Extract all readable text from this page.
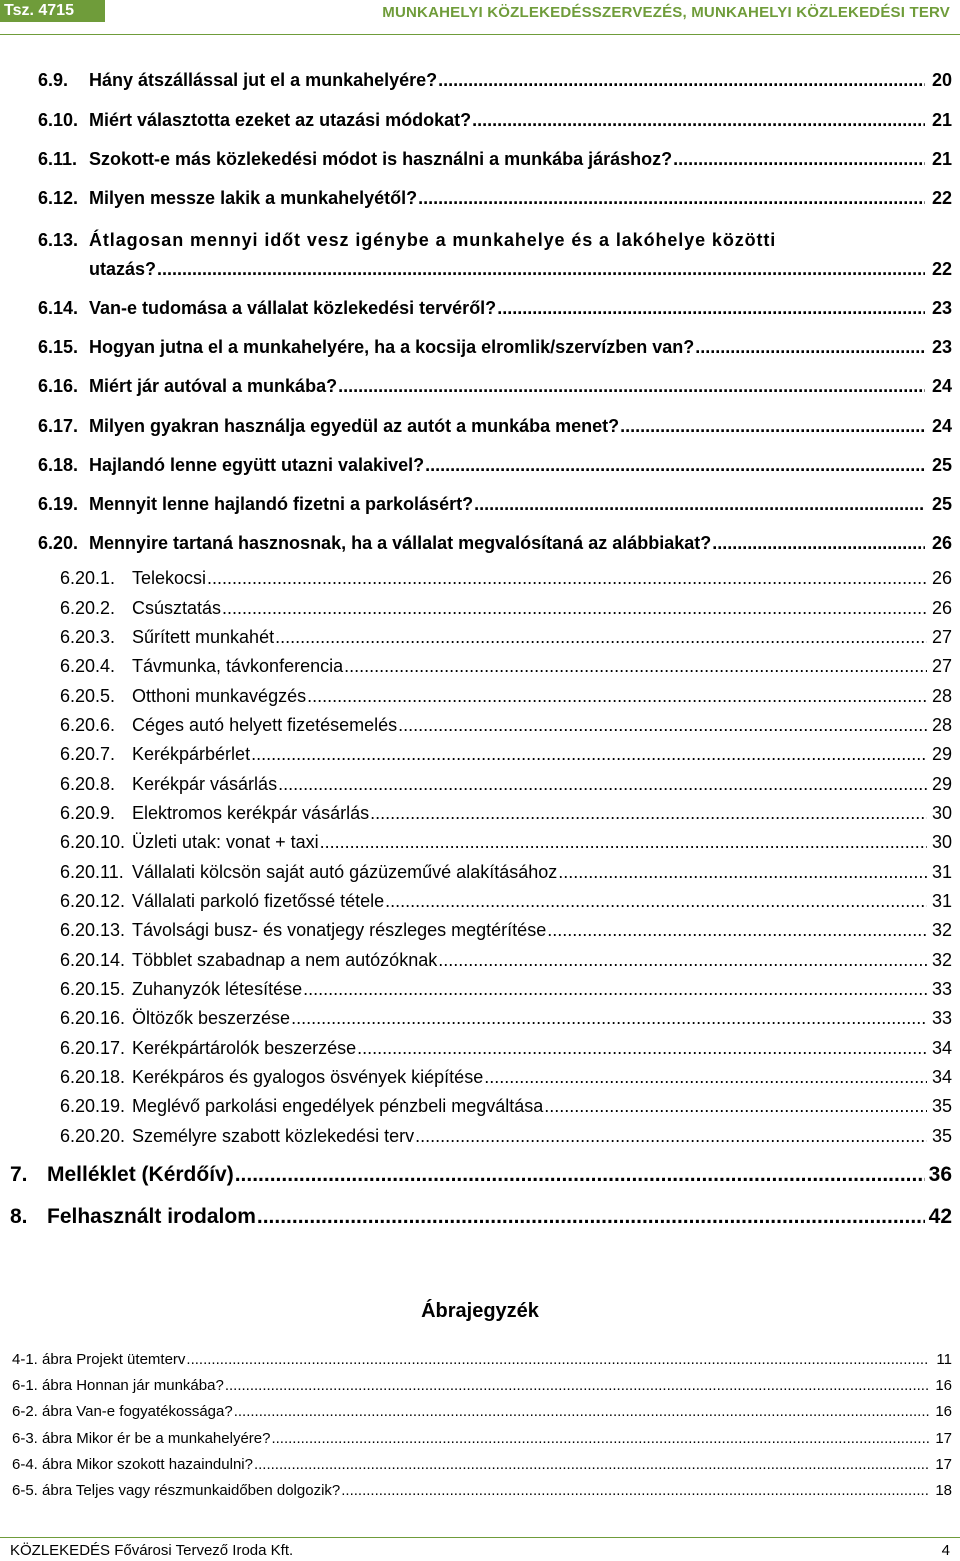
Tsz. 4715	MUNKAHELYI KÖZLEKEDÉSSZERVEZÉS, MUNKAHELYI KÖZLEKEDÉSI TERV
6.9.	Hány átszállással jut el a munkahelyére? .....	20
6.10. Miért választotta ezeket az utazási módokat? .....	21
6.11. Szokott-e más közlekedési módot is használni a munkába járáshoz? .....	21
6.12. Milyen messze lakik a munkahelyétől? .....	22
6.13. Átlagosan mennyi időt vesz igénybe a munkahelye és a lakóhelye közötti
utazás? .....	22
6.14. Van-e tudomása a vállalat közlekedési tervéről? .....	23
6.15. Hogyan jutna el a munkahelyére, ha a kocsija elromlik/szervízben van? .....	23
6.16. Miért jár autóval a munkába? .....	24
6.17. Milyen gyakran használja egyedül az autót a munkába menet? .....	24
6.18. Hajlandó lenne együtt utazni valakivel? .....	25
6.19. Mennyit lenne hajlandó fizetni a parkolásért? .....	25
6.20. Mennyire tartaná hasznosnak, ha a vállalat megvalósítaná az alábbiakat? .....	26
6.20.1. Telekocsi .....	26
6.20.2. Csúsztatás .....	26
6.20.3. Sűrített munkahét .....	27
6.20.4. Távmunka, távkonferencia .....	27
6.20.5. Otthoni munkavégzés .....	28
6.20.6. Céges autó helyett fizetésemelés .....	28
6.20.7. Kerékpárbérlet .....	29
6.20.8. Kerékpár vásárlás .....	29
6.20.9. Elektromos kerékpár vásárlás .....	30
6.20.10. Üzleti utak: vonat + taxi .....	30
6.20.11. Vállalati kölcsön saját autó gázüzeművé alakításához .....	31
6.20.12. Vállalati parkoló fizetőssé tétele .....	31
6.20.13. Távolsági busz- és vonatjegy részleges megtérítése .....	32
6.20.14. Többlet szabadnap a nem autózóknak .....	32
6.20.15. Zuhanyzók létesítése .....	33
6.20.16. Öltözők beszerzése .....	33
6.20.17. Kerékpártárolók beszerzése .....	34
6.20.18. Kerékpáros és gyalogos ösvények kiépítése .....	34
6.20.19. Meglévő parkolási engedélyek pénzbeli megváltása .....	35
6.20.20. Személyre szabott közlekedési terv .....	35
7. Melléklet (Kérdőív) .....	36
8. Felhasznált irodalom .....	42
Ábrajegyzék
4-1. ábra Projekt ütemterv .....	11
6-1. ábra Honnan jár munkába? .....	16
6-2. ábra Van-e fogyatékossága? .....	16
6-3. ábra Mikor ér be a munkahelyére? .....	17
6-4. ábra Mikor szokott hazaindulni? .....	17
6-5. ábra Teljes vagy részmunkaidőben dolgozik? .....	18
KÖZLEKEDÉS Fővárosi Tervező Iroda Kft.	4
